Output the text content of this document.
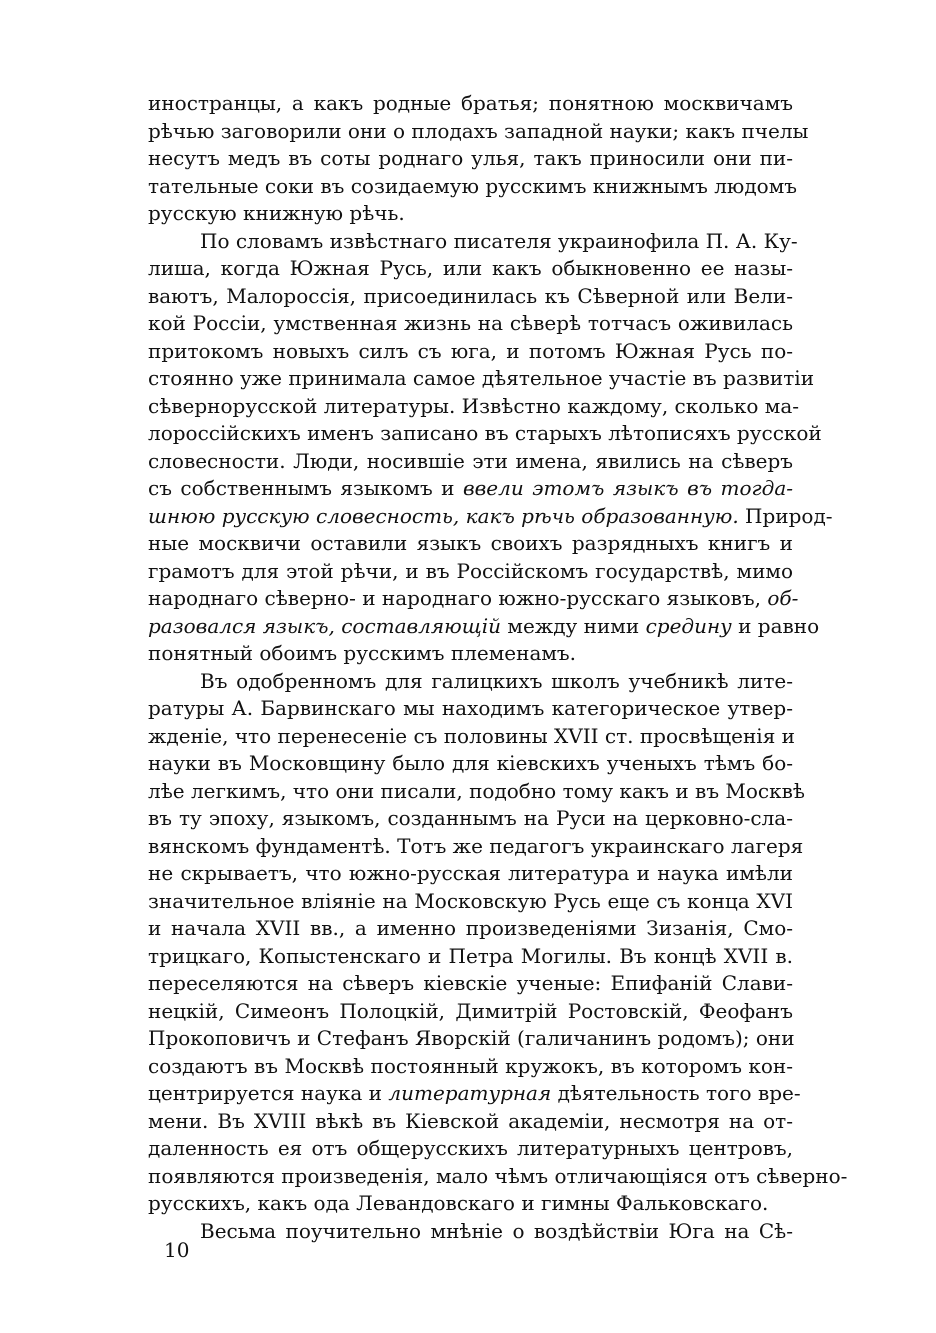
иностранцы, а какъ родные братья; понятною москвичамъ
рѣчью заговорили они о плодахъ западной науки; какъ пчелы
несутъ медъ въ соты роднаго улья, такъ приносили они пи-
тательные соки въ созидаемую русскимъ книжнымъ людомъ
русскую книжную рѣчь.
По словамъ извѣстнаго писателя украинофила П. А. Ку-
лиша, когда Южная Русь, или какъ обыкновенно ее назы-
ваютъ, Малороссія, присоединилась къ Сѣверной или Вели-
кой Россіи, умственная жизнь на сѣверѣ тотчасъ оживилась
притокомъ новыхъ силъ съ юга, и потомъ Южная Русь по-
стоянно уже принимала самое дѣятельное участіе въ развитіи
сѣвернорусской литературы. Извѣстно каждому, сколько ма-
лороссійскихъ именъ записано въ старыхъ лѣтописяхъ русской
словесности. Люди, носившіе эти имена, явились на сѣверъ
съ собственнымъ языкомъ и ввели этомъ языкъ въ тогда-
шнюю русскую словесность, какъ рѣчь образованную. Природ-
ные москвичи оставили языкъ своихъ разрядныхъ книгъ и
грамотъ для этой рѣчи, и въ Россійскомъ государствѣ, мимо
народнаго сѣверно- и народнаго южно-русскаго языковъ, об-
разовался языкъ, составляющій между ними средину и равно
понятный обоимъ русскимъ племенамъ.
Въ одобренномъ для галицкихъ школъ учебникѣ лите-
ратуры А. Барвинскаго мы находимъ категорическое утвер-
жденіе, что перенесеніе съ половины XVII ст. просвѣщенія и
науки въ Московщину было для кіевскихъ ученыхъ тѣмъ бо-
лѣе легкимъ, что они писали, подобно тому какъ и въ Москвѣ
въ ту эпоху, языкомъ, созданнымъ на Руси на церковно-сла-
вянскомъ фундаментѣ. Тотъ же педагогъ украинскаго лагеря
не скрываетъ, что южно-русская литература и наука имѣли
значительное вліяніе на Московскую Русь еще съ конца XVI
и начала XVII вв., а именно произведеніями Зизанія, Смо-
трицкаго, Копыстенскаго и Петра Могилы. Въ концѣ XVII в.
переселяются на сѣверъ кіевскіе ученые: Епифаній Слави-
нецкій, Симеонъ Полоцкій, Димитрій Ростовскій, Феофанъ
Прокоповичъ и Стефанъ Яворскій (галичанинъ родомъ); они
создаютъ въ Москвѣ постоянный кружокъ, въ которомъ кон-
центрируется наука и литературная дѣятельность того вре-
мени. Въ XVIII вѣкѣ въ Кіевской академіи, несмотря на от-
даленность ея отъ общерусскихъ литературныхъ центровъ,
появляются произведенія, мало чѣмъ отличающіяся отъ сѣверно-
русскихъ, какъ ода Левандовскаго и гимны Фальковскаго.
Весьма поучительно мнѣніе о воздѣйствіи Юга на Сѣ-
10
